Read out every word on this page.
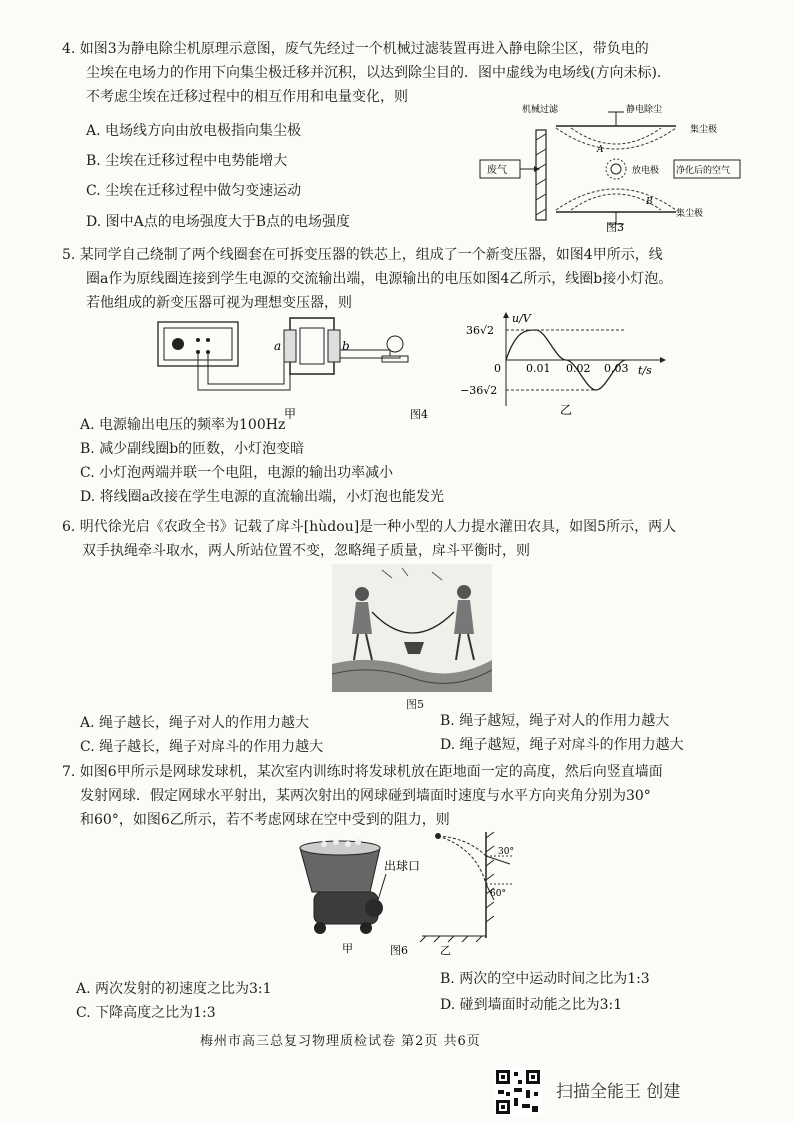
4. 如图3为静电除尘机原理示意图，废气先经过一个机械过滤装置再进入静电除尘区，带负电的
尘埃在电场力的作用下向集尘极迁移并沉积，以达到除尘目的．图中虚线为电场线(方向未标)．
不考虑尘埃在迁移过程中的相互作用和电量变化，则
A. 电场线方向由放电极指向集尘极
B. 尘埃在迁移过程中电势能增大
C. 尘埃在迁移过程中做匀变速运动
D. 图中A点的电场强度大于B点的电场强度
废气	净化后的空气
机械过滤	静电除尘
集尘极
集尘极
放电极
A
B
图3
5. 某同学自己绕制了两个线圈套在可拆变压器的铁芯上，组成了一个新变压器，如图4甲所示，线
圈a作为原线圈连接到学生电源的交流输出端，电源输出的电压如图4乙所示，线圈b接小灯泡。
若他组成的新变压器可视为理想变压器，则
a	b
甲	图4
u/V
t/s
36√2
−36√2
0 0.01 0.02 0.03
乙
A. 电源输出电压的频率为100Hz
B. 减少副线圈b的匝数，小灯泡变暗
C. 小灯泡两端并联一个电阻，电源的输出功率减小
D. 将线圈a改接在学生电源的直流输出端，小灯泡也能发光
6. 明代徐光启《农政全书》记载了戽斗[hùdou]是一种小型的人力提水灌田农具，如图5所示，两人
双手执绳牵斗取水，两人所站位置不变，忽略绳子质量，戽斗平衡时，则
图5
A. 绳子越长，绳子对人的作用力越大	B. 绳子越短，绳子对人的作用力越大
C. 绳子越长，绳子对戽斗的作用力越大	D. 绳子越短，绳子对戽斗的作用力越大
7. 如图6甲所示是网球发球机，某次室内训练时将发球机放在距地面一定的高度，然后向竖直墙面
发射网球．假定网球水平射出，某两次射出的网球碰到墙面时速度与水平方向夹角分别为30°
和60°，如图6乙所示，若不考虑网球在空中受到的阻力，则
出球口
甲	图6
30°
60°
乙
A. 两次发射的初速度之比为3:1
B. 两次的空中运动时间之比为1:3
C. 下降高度之比为1:3	D. 碰到墙面时动能之比为3:1
梅州市高三总复习物理质检试卷 第2页 共6页
扫描全能王 创建
